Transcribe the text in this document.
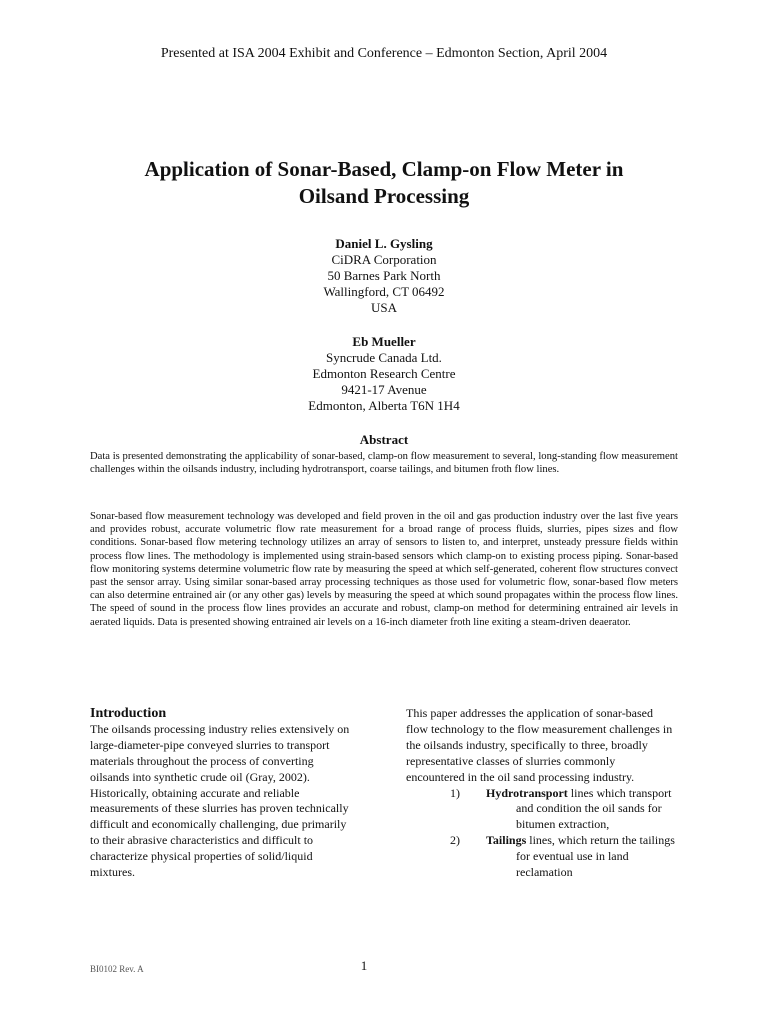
Presented at ISA 2004 Exhibit and Conference – Edmonton Section, April 2004
Application of Sonar-Based, Clamp-on Flow Meter in
Oilsand Processing
Daniel L. Gysling
CiDRA Corporation
50 Barnes Park North
Wallingford, CT 06492
USA
Eb Mueller
Syncrude Canada Ltd.
Edmonton Research Centre
9421-17 Avenue
Edmonton, Alberta T6N 1H4
Abstract

Data is presented demonstrating the applicability of sonar-based, clamp-on flow measurement to several, long-standing flow measurement challenges within the oilsands industry, including hydrotransport, coarse tailings, and bitumen froth flow lines.

Sonar-based flow measurement technology was developed and field proven in the oil and gas production industry over the last five years and provides robust, accurate volumetric flow rate measurement for a broad range of process fluids, slurries, pipes sizes and flow conditions. Sonar-based flow metering technology utilizes an array of sensors to listen to, and interpret, unsteady pressure fields within process flow lines. The methodology is implemented using strain-based sensors which clamp-on to existing process piping. Sonar-based flow monitoring systems determine volumetric flow rate by measuring the speed at which self-generated, coherent flow structures convect past the sensor array. Using similar sonar-based array processing techniques as those used for volumetric flow, sonar-based flow meters can also determine entrained air (or any other gas) levels by measuring the speed at which sound propagates within the process flow lines. The speed of sound in the process flow lines provides an accurate and robust, clamp-on method for determining entrained air levels in aerated liquids. Data is presented showing entrained air levels on a 16-inch diameter froth line exiting a steam-driven deaerator.

Introduction

The oilsands processing industry relies extensively on large-diameter-pipe conveyed slurries to transport materials throughout the process of converting oilsands into synthetic crude oil (Gray, 2002). Historically, obtaining accurate and reliable measurements of these slurries has proven technically difficult and economically challenging, due primarily to their abrasive characteristics and difficult to characterize physical properties of solid/liquid mixtures.

This paper addresses the application of sonar-based flow technology to the flow measurement challenges in the oilsands industry, specifically to three, broadly representative classes of slurries commonly encountered in the oil sand processing industry.

1) Hydrotransport lines which transport and condition the oil sands for bitumen extraction,
2) Tailings lines, which return the tailings for eventual use in land reclamation
BI0102 Rev. A	1
